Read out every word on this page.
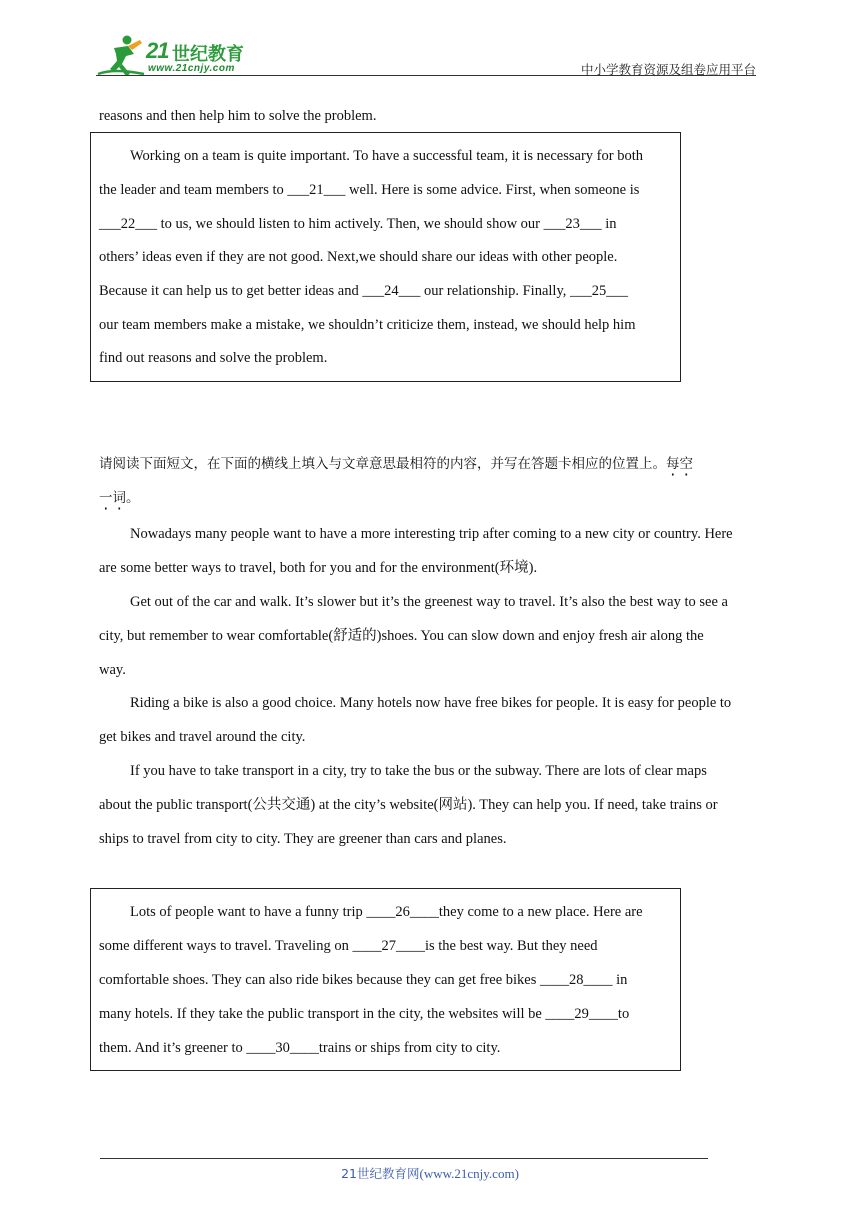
21 世纪教育
www.21cnjy.com	中小学教育资源及组卷应用平台
reasons and then help him to solve the problem.
Working on a team is quite important. To have a successful team, it is necessary for both
the leader and team members to ___21___ well. Here is some advice. First, when someone is
___22___ to us, we should listen to him actively. Then, we should show our ___23___ in
others’ ideas even if they are not good. Next,we should share our ideas with other people.
Because it can help us to get better ideas and ___24___ our relationship. Finally, ___25___
our team members make a mistake, we shouldn’t criticize them, instead, we should help him
find out reasons and solve the problem.
请阅读下面短文，在下面的横线上填入与文章意思最相符的内容，并写在答题卡相应的位置上。每空
一词。
Nowadays many people want to have a more interesting trip after coming to a new city or country. Here
are some better ways to travel, both for you and for the environment(环境).
Get out of the car and walk. It’s slower but it’s the greenest way to travel. It’s also the best way to see a
city, but remember to wear comfortable(舒适的)shoes. You can slow down and enjoy fresh air along the
way.
Riding a bike is also a good choice. Many hotels now have free bikes for people. It is easy for people to
get bikes and travel around the city.
If you have to take transport in a city, try to take the bus or the subway. There are lots of clear maps
about the public transport(公共交通) at the city’s website(网站). They can help you. If need, take trains or
ships to travel from city to city. They are greener than cars and planes.
Lots of people want to have a funny trip ____26____they come to a new place. Here are
some different ways to travel. Traveling on ____27____is the best way. But they need
comfortable shoes. They can also ride bikes because they can get free bikes ____28____ in
many hotels. If they take the public transport in the city, the websites will be ____29____to
them. And it’s greener to ____30____trains or ships from city to city.
21世纪教育网(www.21cnjy.com)
